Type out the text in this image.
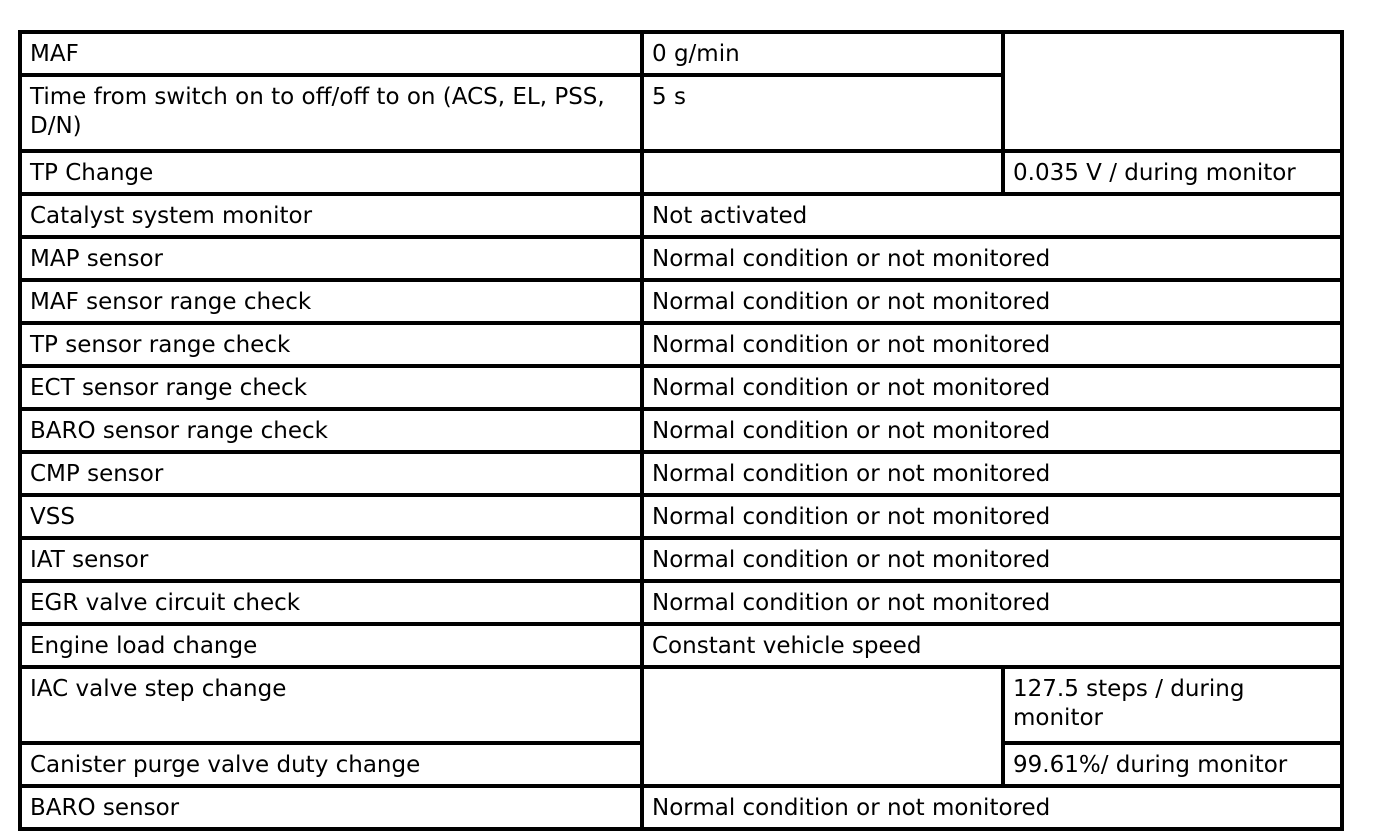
MAF	0 g/min	
Time from switch on to off/off to on (ACS, EL, PSS, D/N)	5 s	
TP Change		0.035 V / during monitor
Catalyst system monitor	Not activated	
MAP sensor	Normal condition or not monitored	
MAF sensor range check	Normal condition or not monitored	
TP sensor range check	Normal condition or not monitored	
ECT sensor range check	Normal condition or not monitored	
BARO sensor range check	Normal condition or not monitored	
CMP sensor	Normal condition or not monitored	
VSS	Normal condition or not monitored	
IAT sensor	Normal condition or not monitored	
EGR valve circuit check	Normal condition or not monitored	
Engine load change	Constant vehicle speed	
IAC valve step change		127.5 steps / during monitor
Canister purge valve duty change		99.61%/ during monitor
BARO sensor	Normal condition or not monitored	
